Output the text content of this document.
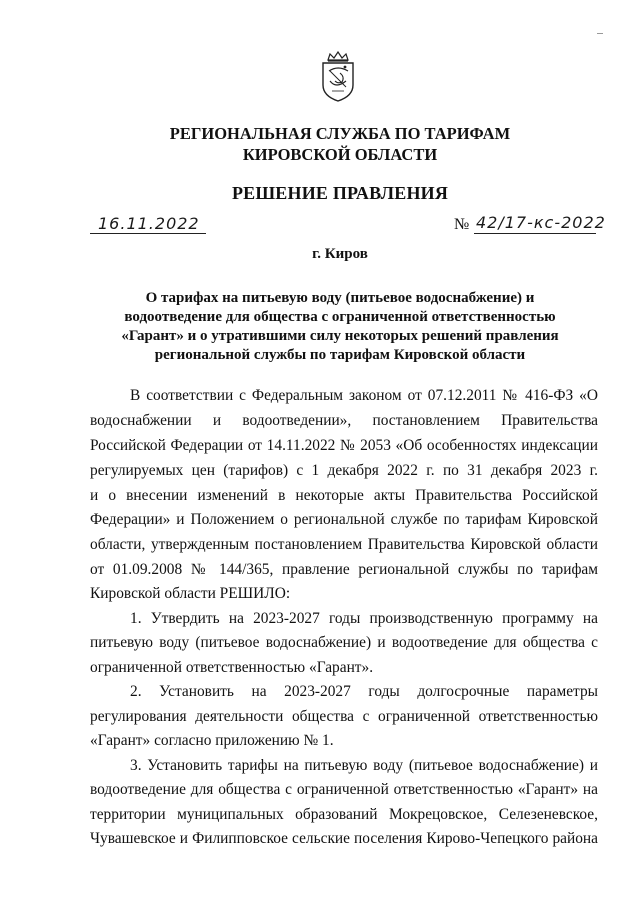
РЕГИОНАЛЬНАЯ СЛУЖБА ПО ТАРИФАМ
КИРОВСКОЙ ОБЛАСТИ
РЕШЕНИЕ ПРАВЛЕНИЯ
16.11.2022	№ 42/17-кс-2022
г. Киров
О тарифах на питьевую воду (питьевое водоснабжение) и
водоотведение для общества с ограниченной ответственностью
«Гарант» и о утратившими силу некоторых решений правления
региональной службы по тарифам Кировской области
В соответствии с Федеральным законом от 07.12.2011 № 416-ФЗ «О
водоснабжении и водоотведении», постановлением Правительства
Российской Федерации от 14.11.2022 № 2053 «Об особенностях индексации
регулируемых цен (тарифов) с 1 декабря 2022 г. по 31 декабря 2023 г.
и о внесении изменений в некоторые акты Правительства Российской
Федерации» и Положением о региональной службе по тарифам Кировской
области, утвержденным постановлением Правительства Кировской области
от 01.09.2008 № 144/365, правление региональной службы по тарифам
Кировской области РЕШИЛО:
1. Утвердить на 2023-2027 годы производственную программу на
питьевую воду (питьевое водоснабжение) и водоотведение для общества с
ограниченной ответственностью «Гарант».
2. Установить на 2023-2027 годы долгосрочные параметры
регулирования деятельности общества с ограниченной ответственностью
«Гарант» согласно приложению № 1.
3. Установить тарифы на питьевую воду (питьевое водоснабжение) и
водоотведение для общества с ограниченной ответственностью «Гарант» на
территории муниципальных образований Мокрецовское, Селезеневское,
Чувашевское и Филипповское сельские поселения Кирово-Чепецкого района
